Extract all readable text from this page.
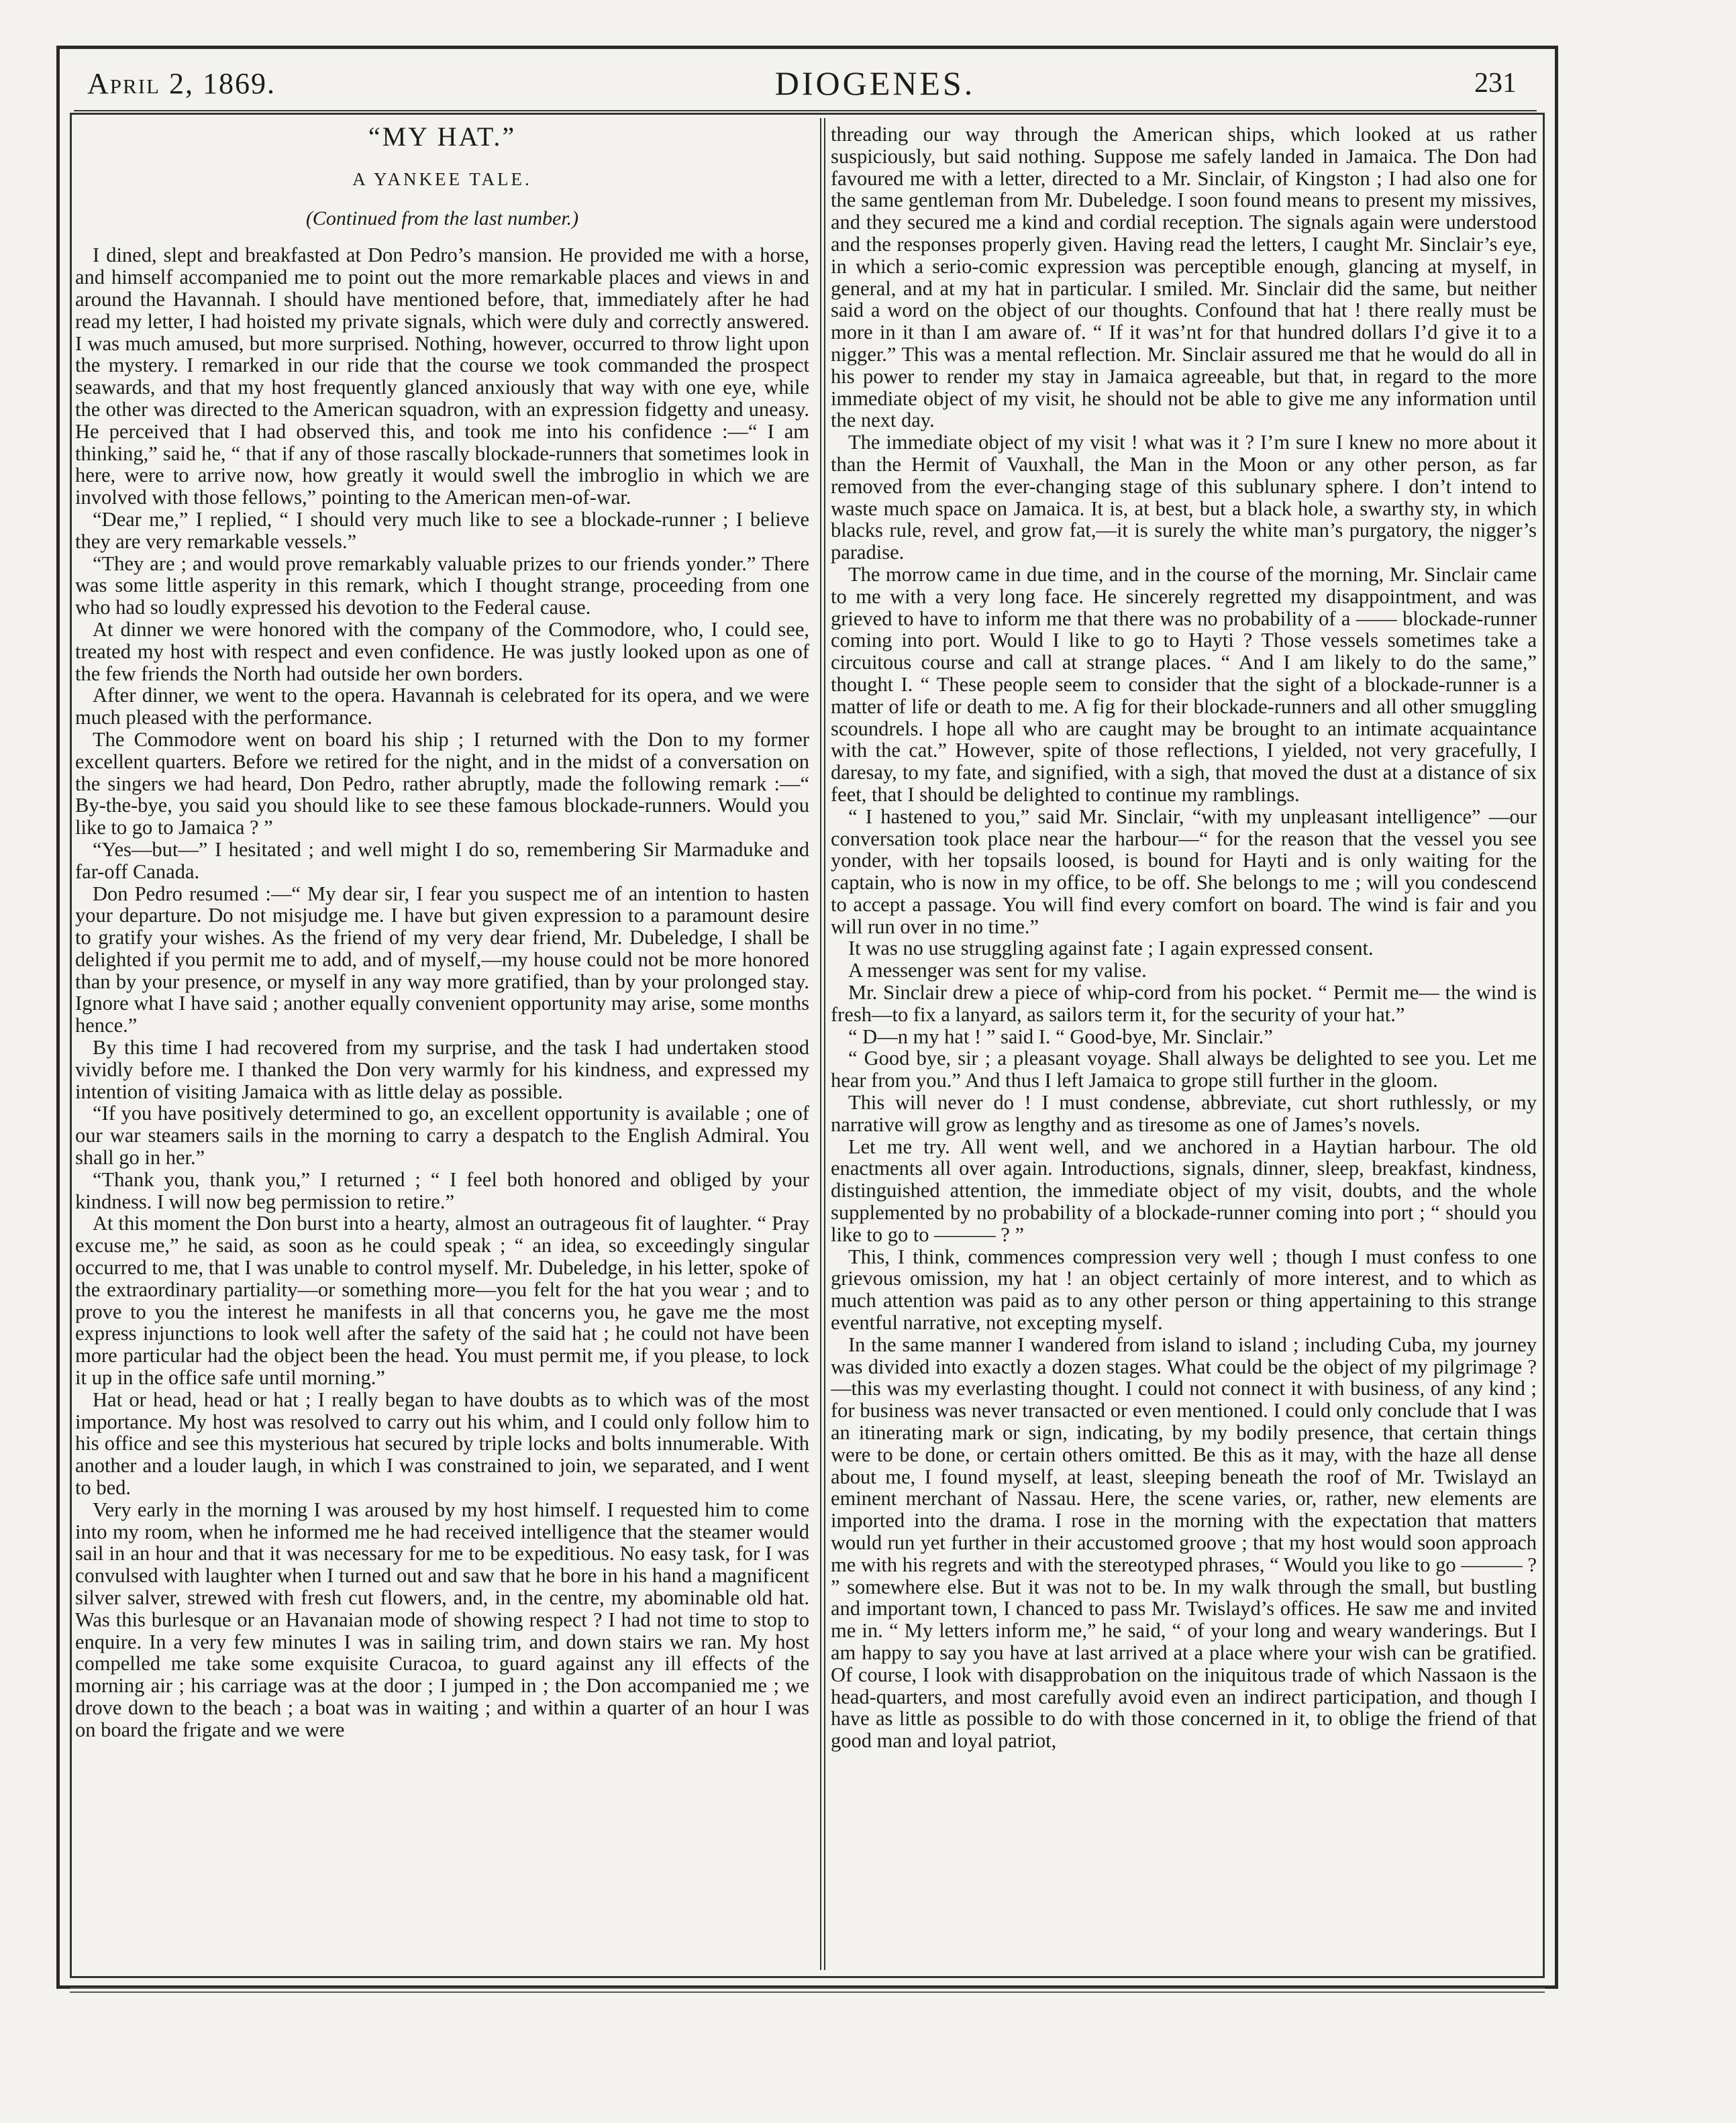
April 2, 1869.	DIOGENES.	231
“MY HAT.”
A YANKEE TALE.
(Continued from the last number.)

I dined, slept and breakfasted at Don Pedro’s mansion. He provided me with a horse, and himself accompanied me to point out the more remarkable places and views in and around the Havannah. I should have mentioned before, that, immediately after he had read my letter, I had hoisted my private signals, which were duly and correctly answered. I was much amused, but more surprised. Nothing, however, occurred to throw light upon the mystery. I remarked in our ride that the course we took commanded the prospect seawards, and that my host frequently glanced anxiously that way with one eye, while the other was directed to the American squadron, with an expression fidgetty and uneasy. He perceived that I had observed this, and took me into his confidence :—“ I am thinking,” said he, “ that if any of those rascally blockade-runners that sometimes look in here, were to arrive now, how greatly it would swell the imbroglio in which we are involved with those fellows,” pointing to the American men-of-war.

“Dear me,” I replied, “ I should very much like to see a blockade-runner ; I believe they are very remarkable vessels.”

“They are ; and would prove remarkably valuable prizes to our friends yonder.” There was some little asperity in this remark, which I thought strange, proceeding from one who had so loudly expressed his devotion to the Federal cause.

At dinner we were honored with the company of the Commodore, who, I could see, treated my host with respect and even confidence. He was justly looked upon as one of the few friends the North had outside her own borders.

After dinner, we went to the opera. Havannah is celebrated for its opera, and we were much pleased with the performance.

The Commodore went on board his ship ; I returned with the Don to my former excellent quarters. Before we retired for the night, and in the midst of a conversation on the singers we had heard, Don Pedro, rather abruptly, made the following remark :—“ By-the-bye, you said you should like to see these famous blockade-runners. Would you like to go to Jamaica ? ”

“Yes—but—” I hesitated ; and well might I do so, remembering Sir Marmaduke and far-off Canada.

Don Pedro resumed :—“ My dear sir, I fear you suspect me of an intention to hasten your departure. Do not misjudge me. I have but given expression to a paramount desire to gratify your wishes. As the friend of my very dear friend, Mr. Dubeledge, I shall be delighted if you permit me to add, and of myself,—my house could not be more honored than by your presence, or myself in any way more gratified, than by your prolonged stay. Ignore what I have said ; another equally convenient opportunity may arise, some months hence.”

By this time I had recovered from my surprise, and the task I had undertaken stood vividly before me. I thanked the Don very warmly for his kindness, and expressed my intention of visiting Jamaica with as little delay as possible.

“If you have positively determined to go, an excellent opportunity is available ; one of our war steamers sails in the morning to carry a despatch to the English Admiral. You shall go in her.”

“Thank you, thank you,” I returned ; “ I feel both honored and obliged by your kindness. I will now beg permission to retire.”

At this moment the Don burst into a hearty, almost an outrageous fit of laughter. “ Pray excuse me,” he said, as soon as he could speak ; “ an idea, so exceedingly singular occurred to me, that I was unable to control myself. Mr. Dubeledge, in his letter, spoke of the extraordinary partiality—or something more—you felt for the hat you wear ; and to prove to you the interest he manifests in all that concerns you, he gave me the most express injunctions to look well after the safety of the said hat ; he could not have been more particular had the object been the head. You must permit me, if you please, to lock it up in the office safe until morning.”

Hat or head, head or hat ; I really began to have doubts as to which was of the most importance. My host was resolved to carry out his whim, and I could only follow him to his office and see this mysterious hat secured by triple locks and bolts innumerable. With another and a louder laugh, in which I was constrained to join, we separated, and I went to bed.

Very early in the morning I was aroused by my host himself. I requested him to come into my room, when he informed me he had received intelligence that the steamer would sail in an hour and that it was necessary for me to be expeditious. No easy task, for I was convulsed with laughter when I turned out and saw that he bore in his hand a magnificent silver salver, strewed with fresh cut flowers, and, in the centre, my abominable old hat. Was this burlesque or an Havanaian mode of showing respect ? I had not time to stop to enquire. In a very few minutes I was in sailing trim, and down stairs we ran. My host compelled me take some exquisite Curacoa, to guard against any ill effects of the morning air ; his carriage was at the door ; I jumped in ; the Don accompanied me ; we drove down to the beach ; a boat was in waiting ; and within a quarter of an hour I was on board the frigate and we were

threading our way through the American ships, which looked at us rather suspiciously, but said nothing. Suppose me safely landed in Jamaica. The Don had favoured me with a letter, directed to a Mr. Sinclair, of Kingston ; I had also one for the same gentleman from Mr. Dubeledge. I soon found means to present my missives, and they secured me a kind and cordial reception. The signals again were understood and the responses properly given. Having read the letters, I caught Mr. Sinclair’s eye, in which a serio-comic expression was perceptible enough, glancing at myself, in general, and at my hat in particular. I smiled. Mr. Sinclair did the same, but neither said a word on the object of our thoughts. Confound that hat ! there really must be more in it than I am aware of. “ If it was’nt for that hundred dollars I’d give it to a nigger.” This was a mental reflection. Mr. Sinclair assured me that he would do all in his power to render my stay in Jamaica agreeable, but that, in regard to the more immediate object of my visit, he should not be able to give me any information until the next day.

The immediate object of my visit ! what was it ? I’m sure I knew no more about it than the Hermit of Vauxhall, the Man in the Moon or any other person, as far removed from the ever-changing stage of this sublunary sphere. I don’t intend to waste much space on Jamaica. It is, at best, but a black hole, a swarthy sty, in which blacks rule, revel, and grow fat,—it is surely the white man’s purgatory, the nigger’s paradise.

The morrow came in due time, and in the course of the morning, Mr. Sinclair came to me with a very long face. He sincerely regretted my disappointment, and was grieved to have to inform me that there was no probability of a —— blockade-runner coming into port. Would I like to go to Hayti ? Those vessels sometimes take a circuitous course and call at strange places. “ And I am likely to do the same,” thought I. “ These people seem to consider that the sight of a blockade-runner is a matter of life or death to me. A fig for their blockade-runners and all other smuggling scoundrels. I hope all who are caught may be brought to an intimate acquaintance with the cat.” However, spite of those reflections, I yielded, not very gracefully, I daresay, to my fate, and signified, with a sigh, that moved the dust at a distance of six feet, that I should be delighted to continue my ramblings.

“ I hastened to you,” said Mr. Sinclair, “with my unpleasant intelligence” —our conversation took place near the harbour—“ for the reason that the vessel you see yonder, with her topsails loosed, is bound for Hayti and is only waiting for the captain, who is now in my office, to be off. She belongs to me ; will you condescend to accept a passage. You will find every comfort on board. The wind is fair and you will run over in no time.”

It was no use struggling against fate ; I again expressed consent.

A messenger was sent for my valise.

Mr. Sinclair drew a piece of whip-cord from his pocket. “ Permit me— the wind is fresh—to fix a lanyard, as sailors term it, for the security of your hat.”

“ D—n my hat ! ” said I. “ Good-bye, Mr. Sinclair.”

“ Good bye, sir ; a pleasant voyage. Shall always be delighted to see you. Let me hear from you.” And thus I left Jamaica to grope still further in the gloom.

This will never do ! I must condense, abbreviate, cut short ruthlessly, or my narrative will grow as lengthy and as tiresome as one of James’s novels.

Let me try. All went well, and we anchored in a Haytian harbour. The old enactments all over again. Introductions, signals, dinner, sleep, breakfast, kindness, distinguished attention, the immediate object of my visit, doubts, and the whole supplemented by no probability of a blockade-runner coming into port ; “ should you like to go to ——— ? ”

This, I think, commences compression very well ; though I must confess to one grievous omission, my hat ! an object certainly of more interest, and to which as much attention was paid as to any other person or thing appertaining to this strange eventful narrative, not excepting myself.

In the same manner I wandered from island to island ; including Cuba, my journey was divided into exactly a dozen stages. What could be the object of my pilgrimage ?—this was my everlasting thought. I could not connect it with business, of any kind ; for business was never transacted or even mentioned. I could only conclude that I was an itinerating mark or sign, indicating, by my bodily presence, that certain things were to be done, or certain others omitted. Be this as it may, with the haze all dense about me, I found myself, at least, sleeping beneath the roof of Mr. Twislayd an eminent merchant of Nassau. Here, the scene varies, or, rather, new elements are imported into the drama. I rose in the morning with the expectation that matters would run yet further in their accustomed groove ; that my host would soon approach me with his regrets and with the stereotyped phrases, “ Would you like to go ——— ? ” somewhere else. But it was not to be. In my walk through the small, but bustling and important town, I chanced to pass Mr. Twislayd’s offices. He saw me and invited me in. “ My letters inform me,” he said, “ of your long and weary wanderings. But I am happy to say you have at last arrived at a place where your wish can be gratified. Of course, I look with disapprobation on the iniquitous trade of which Nassaon is the head-quarters, and most carefully avoid even an indirect participation, and though I have as little as possible to do with those concerned in it, to oblige the friend of that good man and loyal patriot,
